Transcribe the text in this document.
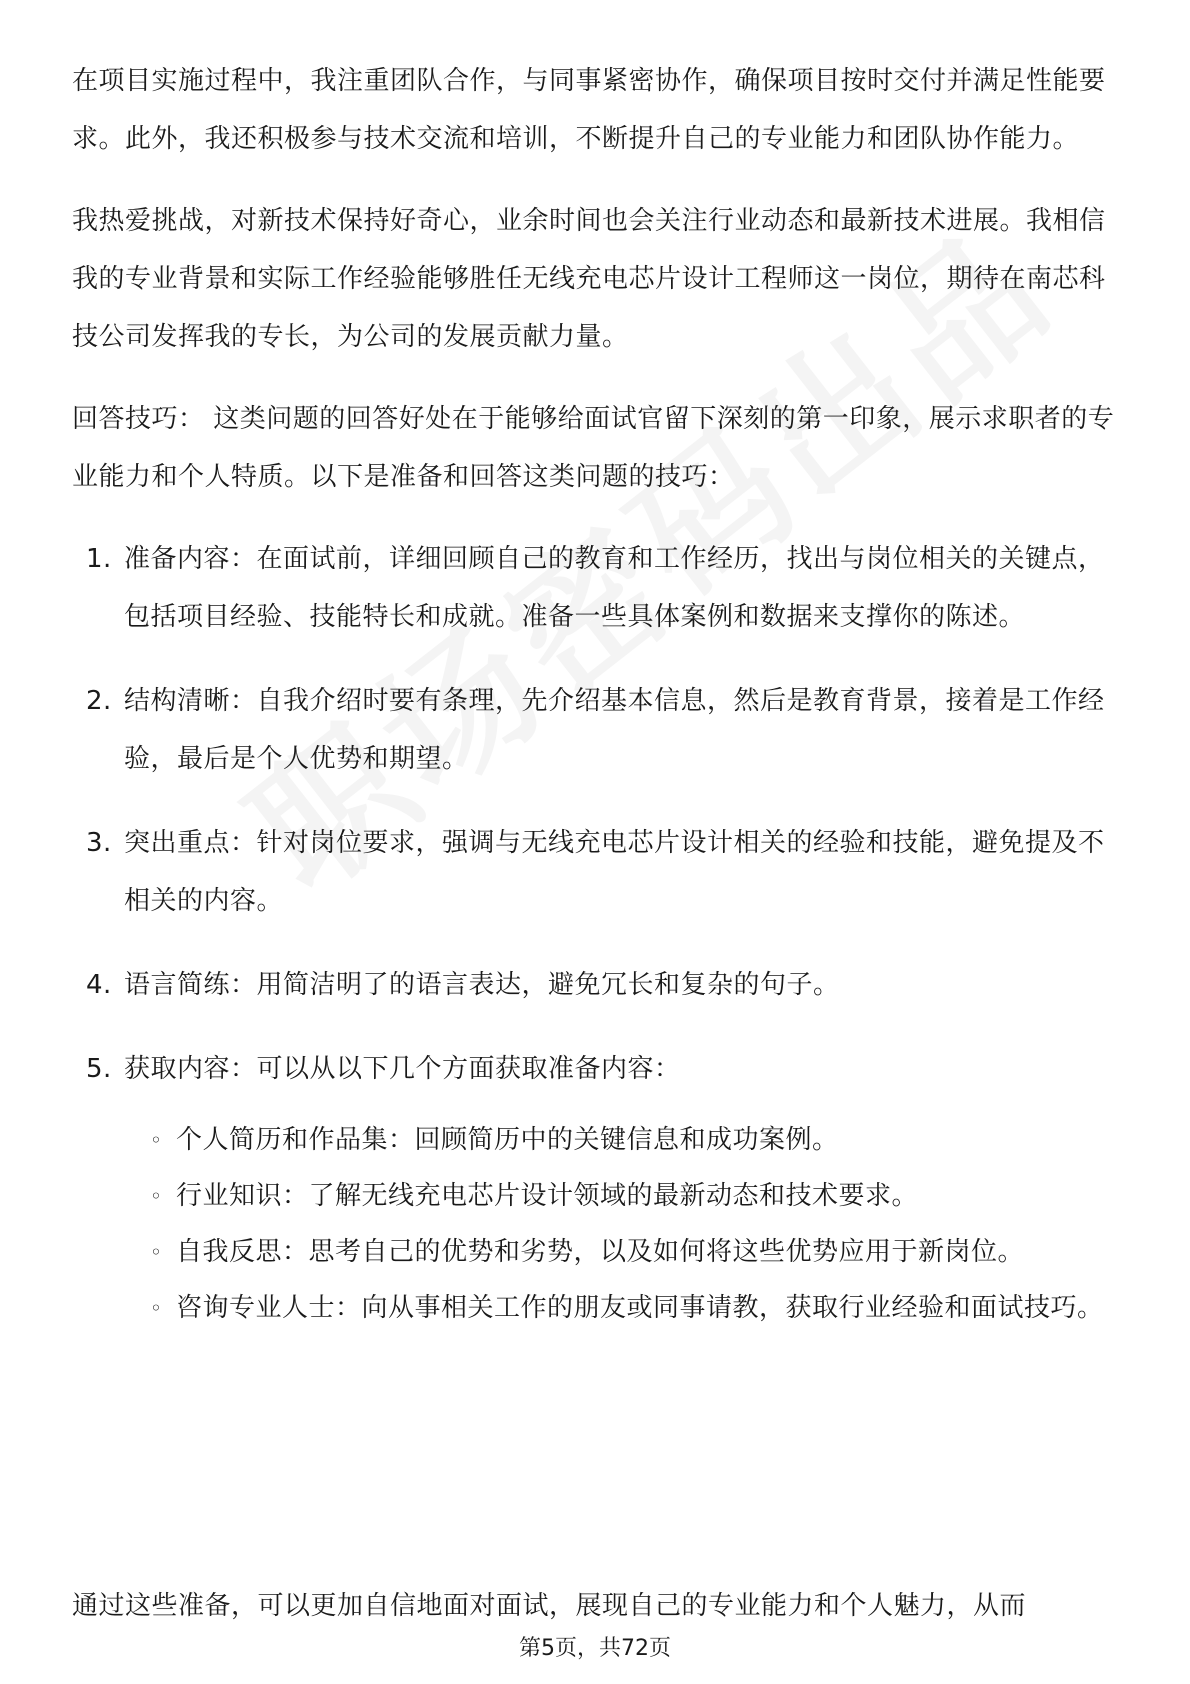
在项目实施过程中，我注重团队合作，与同事紧密协作，确保项目按时交付并满足性能要求。此外，我还积极参与技术交流和培训，不断提升自己的专业能力和团队协作能力。

我热爱挑战，对新技术保持好奇心，业余时间也会关注行业动态和最新技术进展。我相信我的专业背景和实际工作经验能够胜任无线充电芯片设计工程师这一岗位，期待在南芯科技公司发挥我的专长，为公司的发展贡献力量。

回答技巧： 这类问题的回答好处在于能够给面试官留下深刻的第一印象，展示求职者的专业能力和个人特质。以下是准备和回答这类问题的技巧：

1. 准备内容：在面试前，详细回顾自己的教育和工作经历，找出与岗位相关的关键点，包括项目经验、技能特长和成就。准备一些具体案例和数据来支撑你的陈述。
2. 结构清晰：自我介绍时要有条理，先介绍基本信息，然后是教育背景，接着是工作经验，最后是个人优势和期望。
3. 突出重点：针对岗位要求，强调与无线充电芯片设计相关的经验和技能，避免提及不相关的内容。
4. 语言简练：用简洁明了的语言表达，避免冗长和复杂的句子。
5. 获取内容：可以从以下几个方面获取准备内容：
◦ 个人简历和作品集：回顾简历中的关键信息和成功案例。
◦ 行业知识：了解无线充电芯片设计领域的最新动态和技术要求。
◦ 自我反思：思考自己的优势和劣势，以及如何将这些优势应用于新岗位。
◦ 咨询专业人士：向从事相关工作的朋友或同事请教，获取行业经验和面试技巧。
通过这些准备，可以更加自信地面对面试，展现自己的专业能力和个人魅力，从而
第5页，共72页
